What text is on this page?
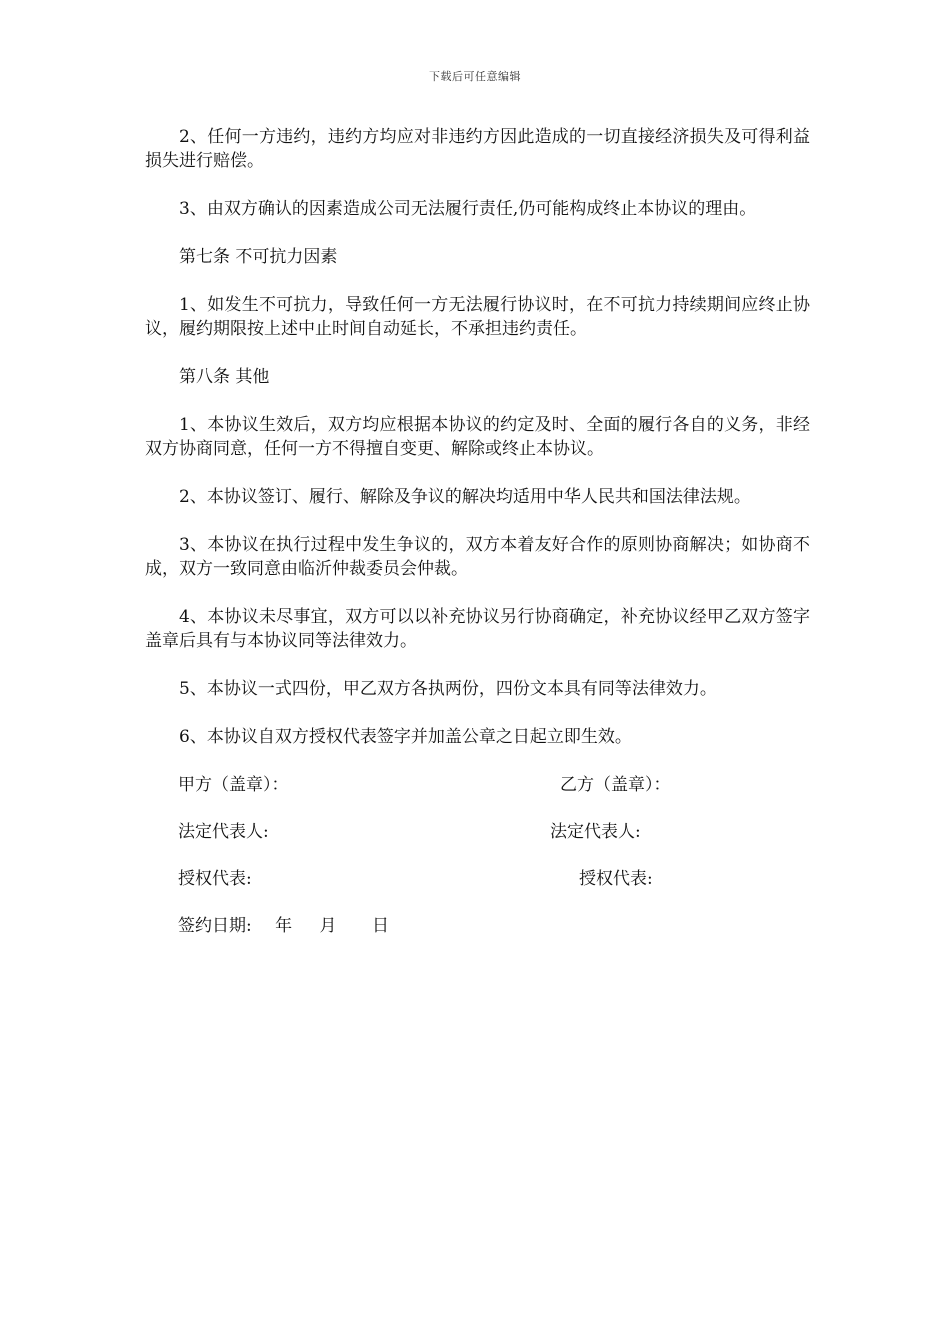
下载后可任意编辑

2、任何一方违约，违约方均应对非违约方因此造成的一切直接经济损失及可得利益损失进行赔偿。

3、由双方确认的因素造成公司无法履行责任,仍可能构成终止本协议的理由。

第七条 不可抗力因素

1、如发生不可抗力，导致任何一方无法履行协议时，在不可抗力持续期间应终止协议，履约期限按上述中止时间自动延长，不承担违约责任。

第八条 其他

1、本协议生效后，双方均应根据本协议的约定及时、全面的履行各自的义务，非经双方协商同意，任何一方不得擅自变更、解除或终止本协议。

2、本协议签订、履行、解除及争议的解决均适用中华人民共和国法律法规。

3、本协议在执行过程中发生争议的，双方本着友好合作的原则协商解决；如协商不成，双方一致同意由临沂仲裁委员会仲裁。

4、本协议未尽事宜，双方可以以补充协议另行协商确定，补充协议经甲乙双方签字盖章后具有与本协议同等法律效力。

5、本协议一式四份，甲乙双方各执两份，四份文本具有同等法律效力。

6、本协议自双方授权代表签字并加盖公章之日起立即生效。

甲方（盖章）：	乙方（盖章）：
法定代表人:	法定代表人:
授权代表:	授权代表:
签约日期: 年 月 日
